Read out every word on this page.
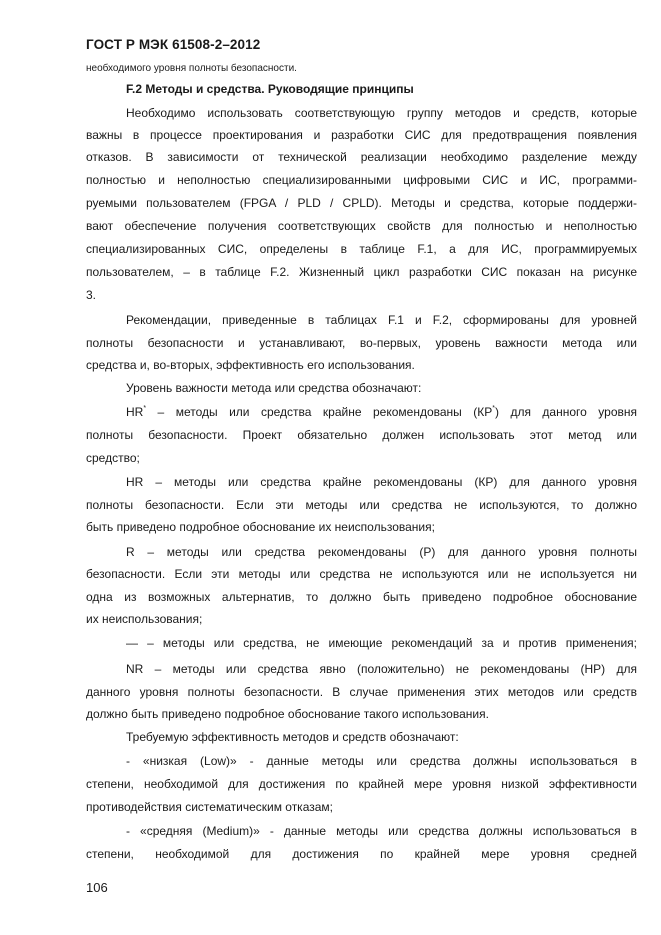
ГОСТ Р МЭК 61508-2–2012
необходимого уровня полноты безопасности.
F.2 Методы и средства. Руководящие принципы
Необходимо использовать соответствующую группу методов и средств, которые
важны в процессе проектирования и разработки СИС для предотвращения появления
отказов. В зависимости от технической реализации необходимо разделение между
полностью и неполностью специализированными цифровыми СИС и ИС, программи-
руемыми пользователем (FPGA / PLD / CPLD). Методы и средства, которые поддержи-
вают обеспечение получения соответствующих свойств для полностью и неполностью
специализированных СИС, определены в таблице F.1, а для ИС, программируемых
пользователем, – в таблице F.2. Жизненный цикл разработки СИС показан на рисунке
3.
Рекомендации, приведенные в таблицах F.1 и F.2, сформированы для уровней
полноты безопасности и устанавливают, во-первых, уровень важности метода или
средства и, во-вторых, эффективность его использования.
Уровень важности метода или средства обозначают:
HR* – методы или средства крайне рекомендованы (КР*) для данного уровня
полноты безопасности. Проект обязательно должен использовать этот метод или
средство;
HR – методы или средства крайне рекомендованы (КР) для данного уровня
полноты безопасности. Если эти методы или средства не используются, то должно
быть приведено подробное обоснование их неиспользования;
R – методы или средства рекомендованы (Р) для данного уровня полноты
безопасности. Если эти методы или средства не используются или не используется ни
одна из возможных альтернатив, то должно быть приведено подробное обоснование
их неиспользования;
— – методы или средства, не имеющие рекомендаций за и против применения;
NR – методы или средства явно (положительно) не рекомендованы (НР) для
данного уровня полноты безопасности. В случае применения этих методов или средств
должно быть приведено подробное обоснование такого использования.
Требуемую эффективность методов и средств обозначают:
- «низкая (Low)» - данные методы или средства должны использоваться в
степени, необходимой для достижения по крайней мере уровня низкой эффективности
противодействия систематическим отказам;
- «средняя (Medium)» - данные методы или средства должны использоваться в
степени, необходимой для достижения по крайней мере уровня средней
106
